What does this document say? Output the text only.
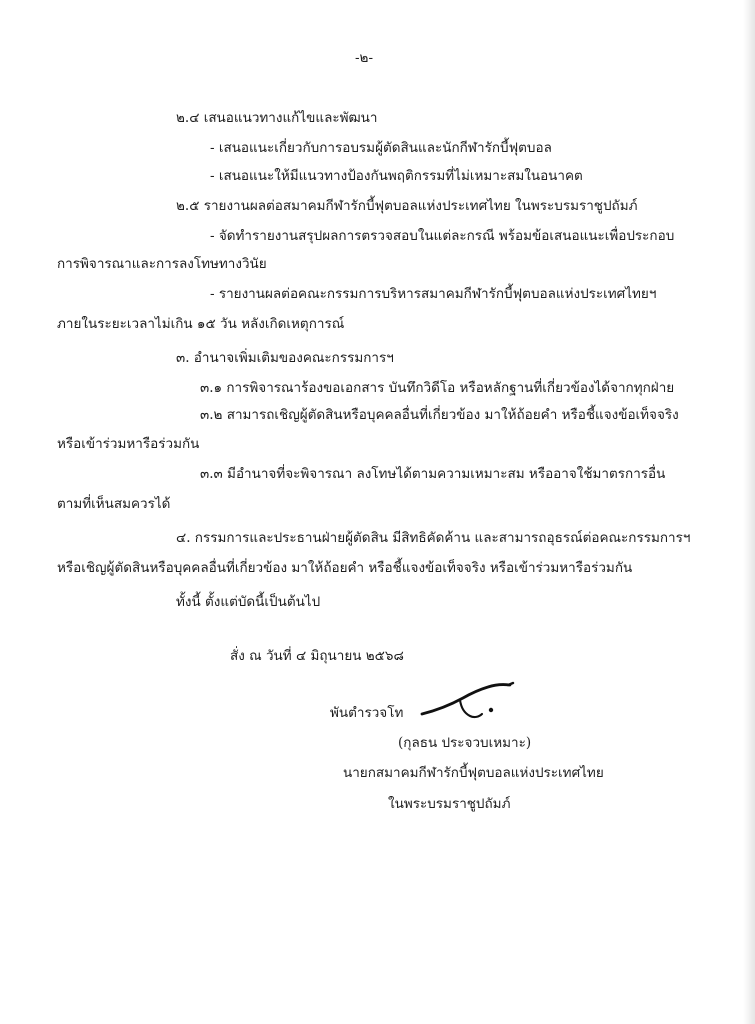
-๒-
๒.๔ เสนอแนวทางแก้ไขและพัฒนา
- เสนอแนะเกี่ยวกับการอบรมผู้ตัดสินและนักกีฬารักบี้ฟุตบอล
- เสนอแนะให้มีแนวทางป้องกันพฤติกรรมที่ไม่เหมาะสมในอนาคต
๒.๕ รายงานผลต่อสมาคมกีฬารักบี้ฟุตบอลแห่งประเทศไทย ในพระบรมราชูปถัมภ์
- จัดทำรายงานสรุปผลการตรวจสอบในแต่ละกรณี พร้อมข้อเสนอแนะเพื่อประกอบ
การพิจารณาและการลงโทษทางวินัย
- รายงานผลต่อคณะกรรมการบริหารสมาคมกีฬารักบี้ฟุตบอลแห่งประเทศไทยฯ
ภายในระยะเวลาไม่เกิน ๑๕ วัน หลังเกิดเหตุการณ์
๓. อำนาจเพิ่มเติมของคณะกรรมการฯ
๓.๑ การพิจารณาร้องขอเอกสาร บันทึกวิดีโอ หรือหลักฐานที่เกี่ยวข้องได้จากทุกฝ่าย
๓.๒ สามารถเชิญผู้ตัดสินหรือบุคคลอื่นที่เกี่ยวข้อง มาให้ถ้อยคำ หรือชี้แจงข้อเท็จจริง
หรือเข้าร่วมหารือร่วมกัน
๓.๓ มีอำนาจที่จะพิจารณา ลงโทษได้ตามความเหมาะสม หรืออาจใช้มาตรการอื่น
ตามที่เห็นสมควรได้
๔. กรรมการและประธานฝ่ายผู้ตัดสิน มีสิทธิคัดค้าน และสามารถอุธรณ์ต่อคณะกรรมการฯ
หรือเชิญผู้ตัดสินหรือบุคคลอื่นที่เกี่ยวข้อง มาให้ถ้อยคำ หรือชี้แจงข้อเท็จจริง หรือเข้าร่วมหารือร่วมกัน
ทั้งนี้ ตั้งแต่บัดนี้เป็นต้นไป
สั่ง ณ วันที่ ๔ มิถุนายน ๒๕๖๘
พันตำรวจโท
(กุลธน ประจวบเหมาะ)
นายกสมาคมกีฬารักบี้ฟุตบอลแห่งประเทศไทย
ในพระบรมราชูปถัมภ์
